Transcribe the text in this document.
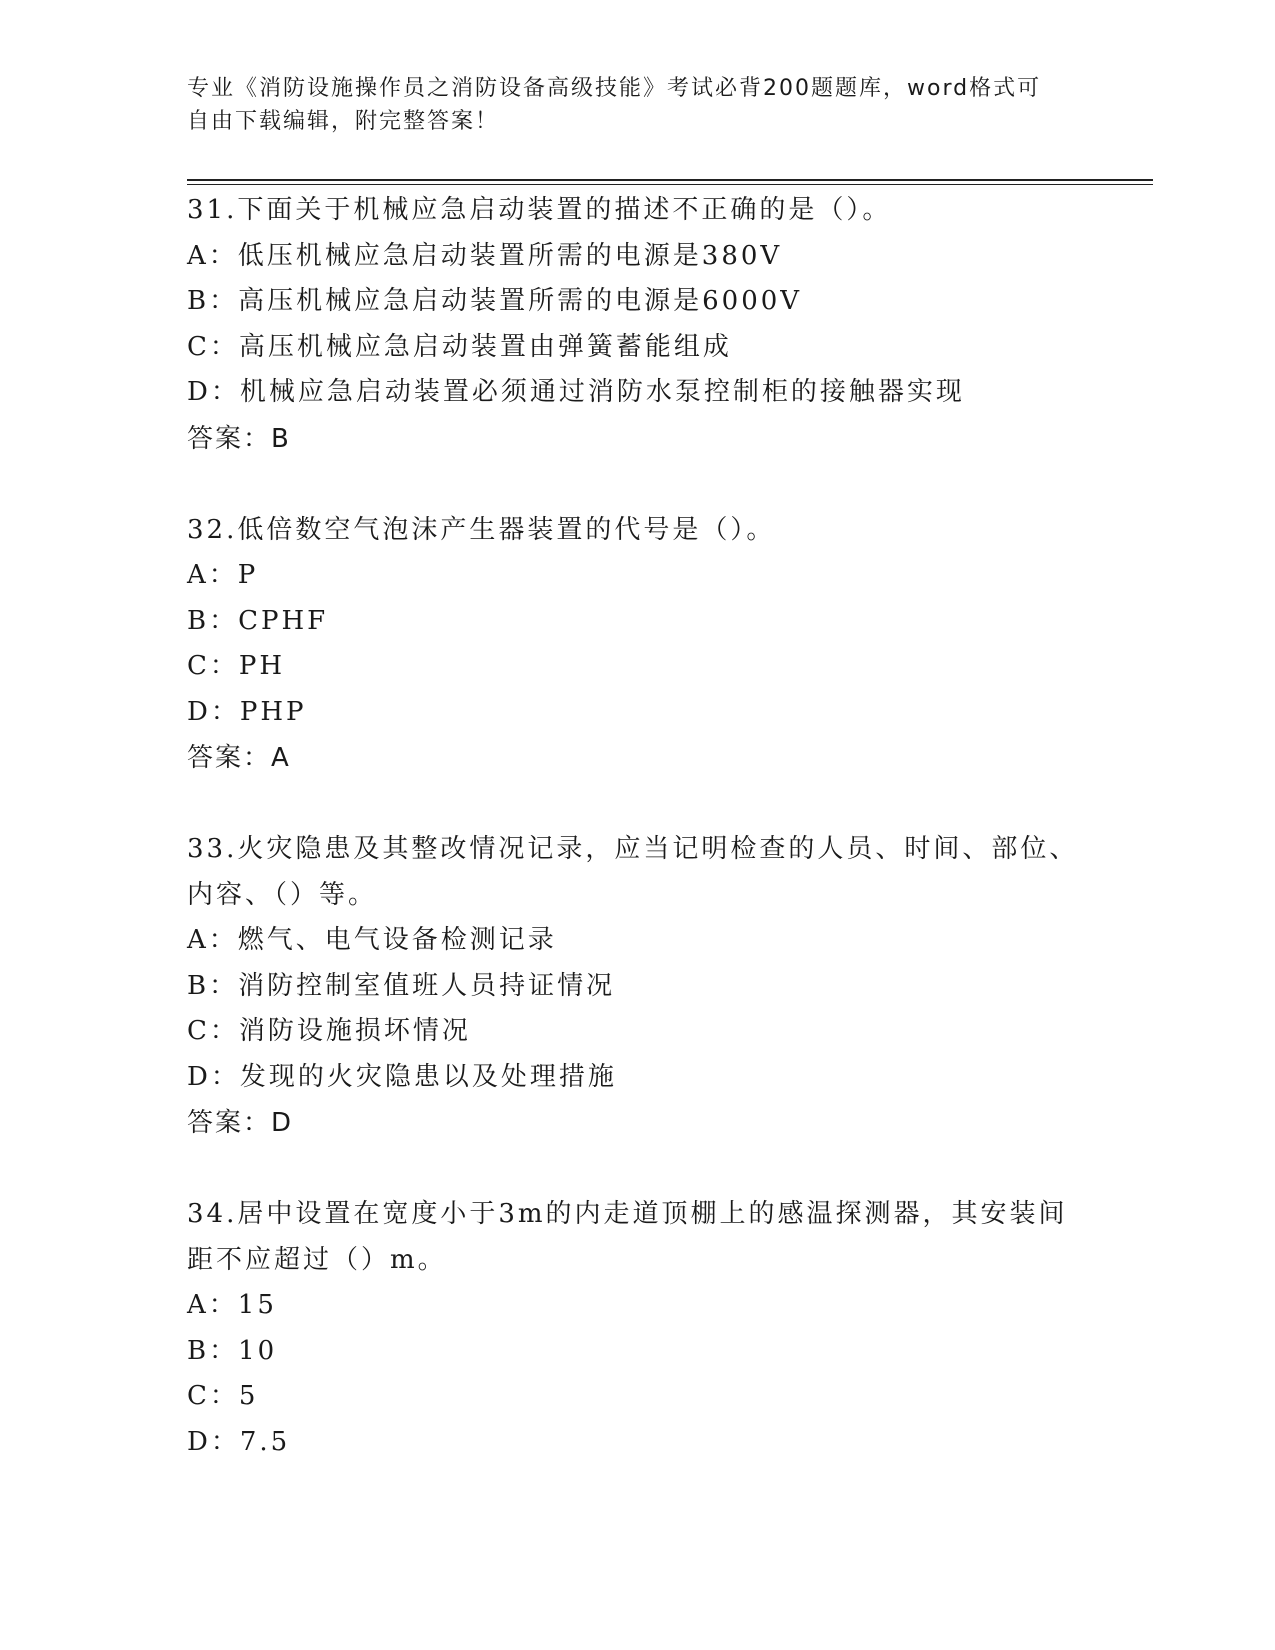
专业《消防设施操作员之消防设备高级技能》考试必背200题题库，word格式可
自由下载编辑，附完整答案！

31.下面关于机械应急启动装置的描述不正确的是（）。

A：低压机械应急启动装置所需的电源是380V

B：高压机械应急启动装置所需的电源是6000V

C：高压机械应急启动装置由弹簧蓄能组成

D：机械应急启动装置必须通过消防水泵控制柜的接触器实现

答案：B

32.低倍数空气泡沫产生器装置的代号是（）。

A：P

B：CPHF

C：PH

D：PHP

答案：A

33.火灾隐患及其整改情况记录，应当记明检查的人员、时间、部位、

内容、（）等。

A：燃气、电气设备检测记录

B：消防控制室值班人员持证情况

C：消防设施损坏情况

D：发现的火灾隐患以及处理措施

答案：D

34.居中设置在宽度小于3m的内走道顶棚上的感温探测器，其安装间

距不应超过（）m。

A：15

B：10

C：5

D：7.5
